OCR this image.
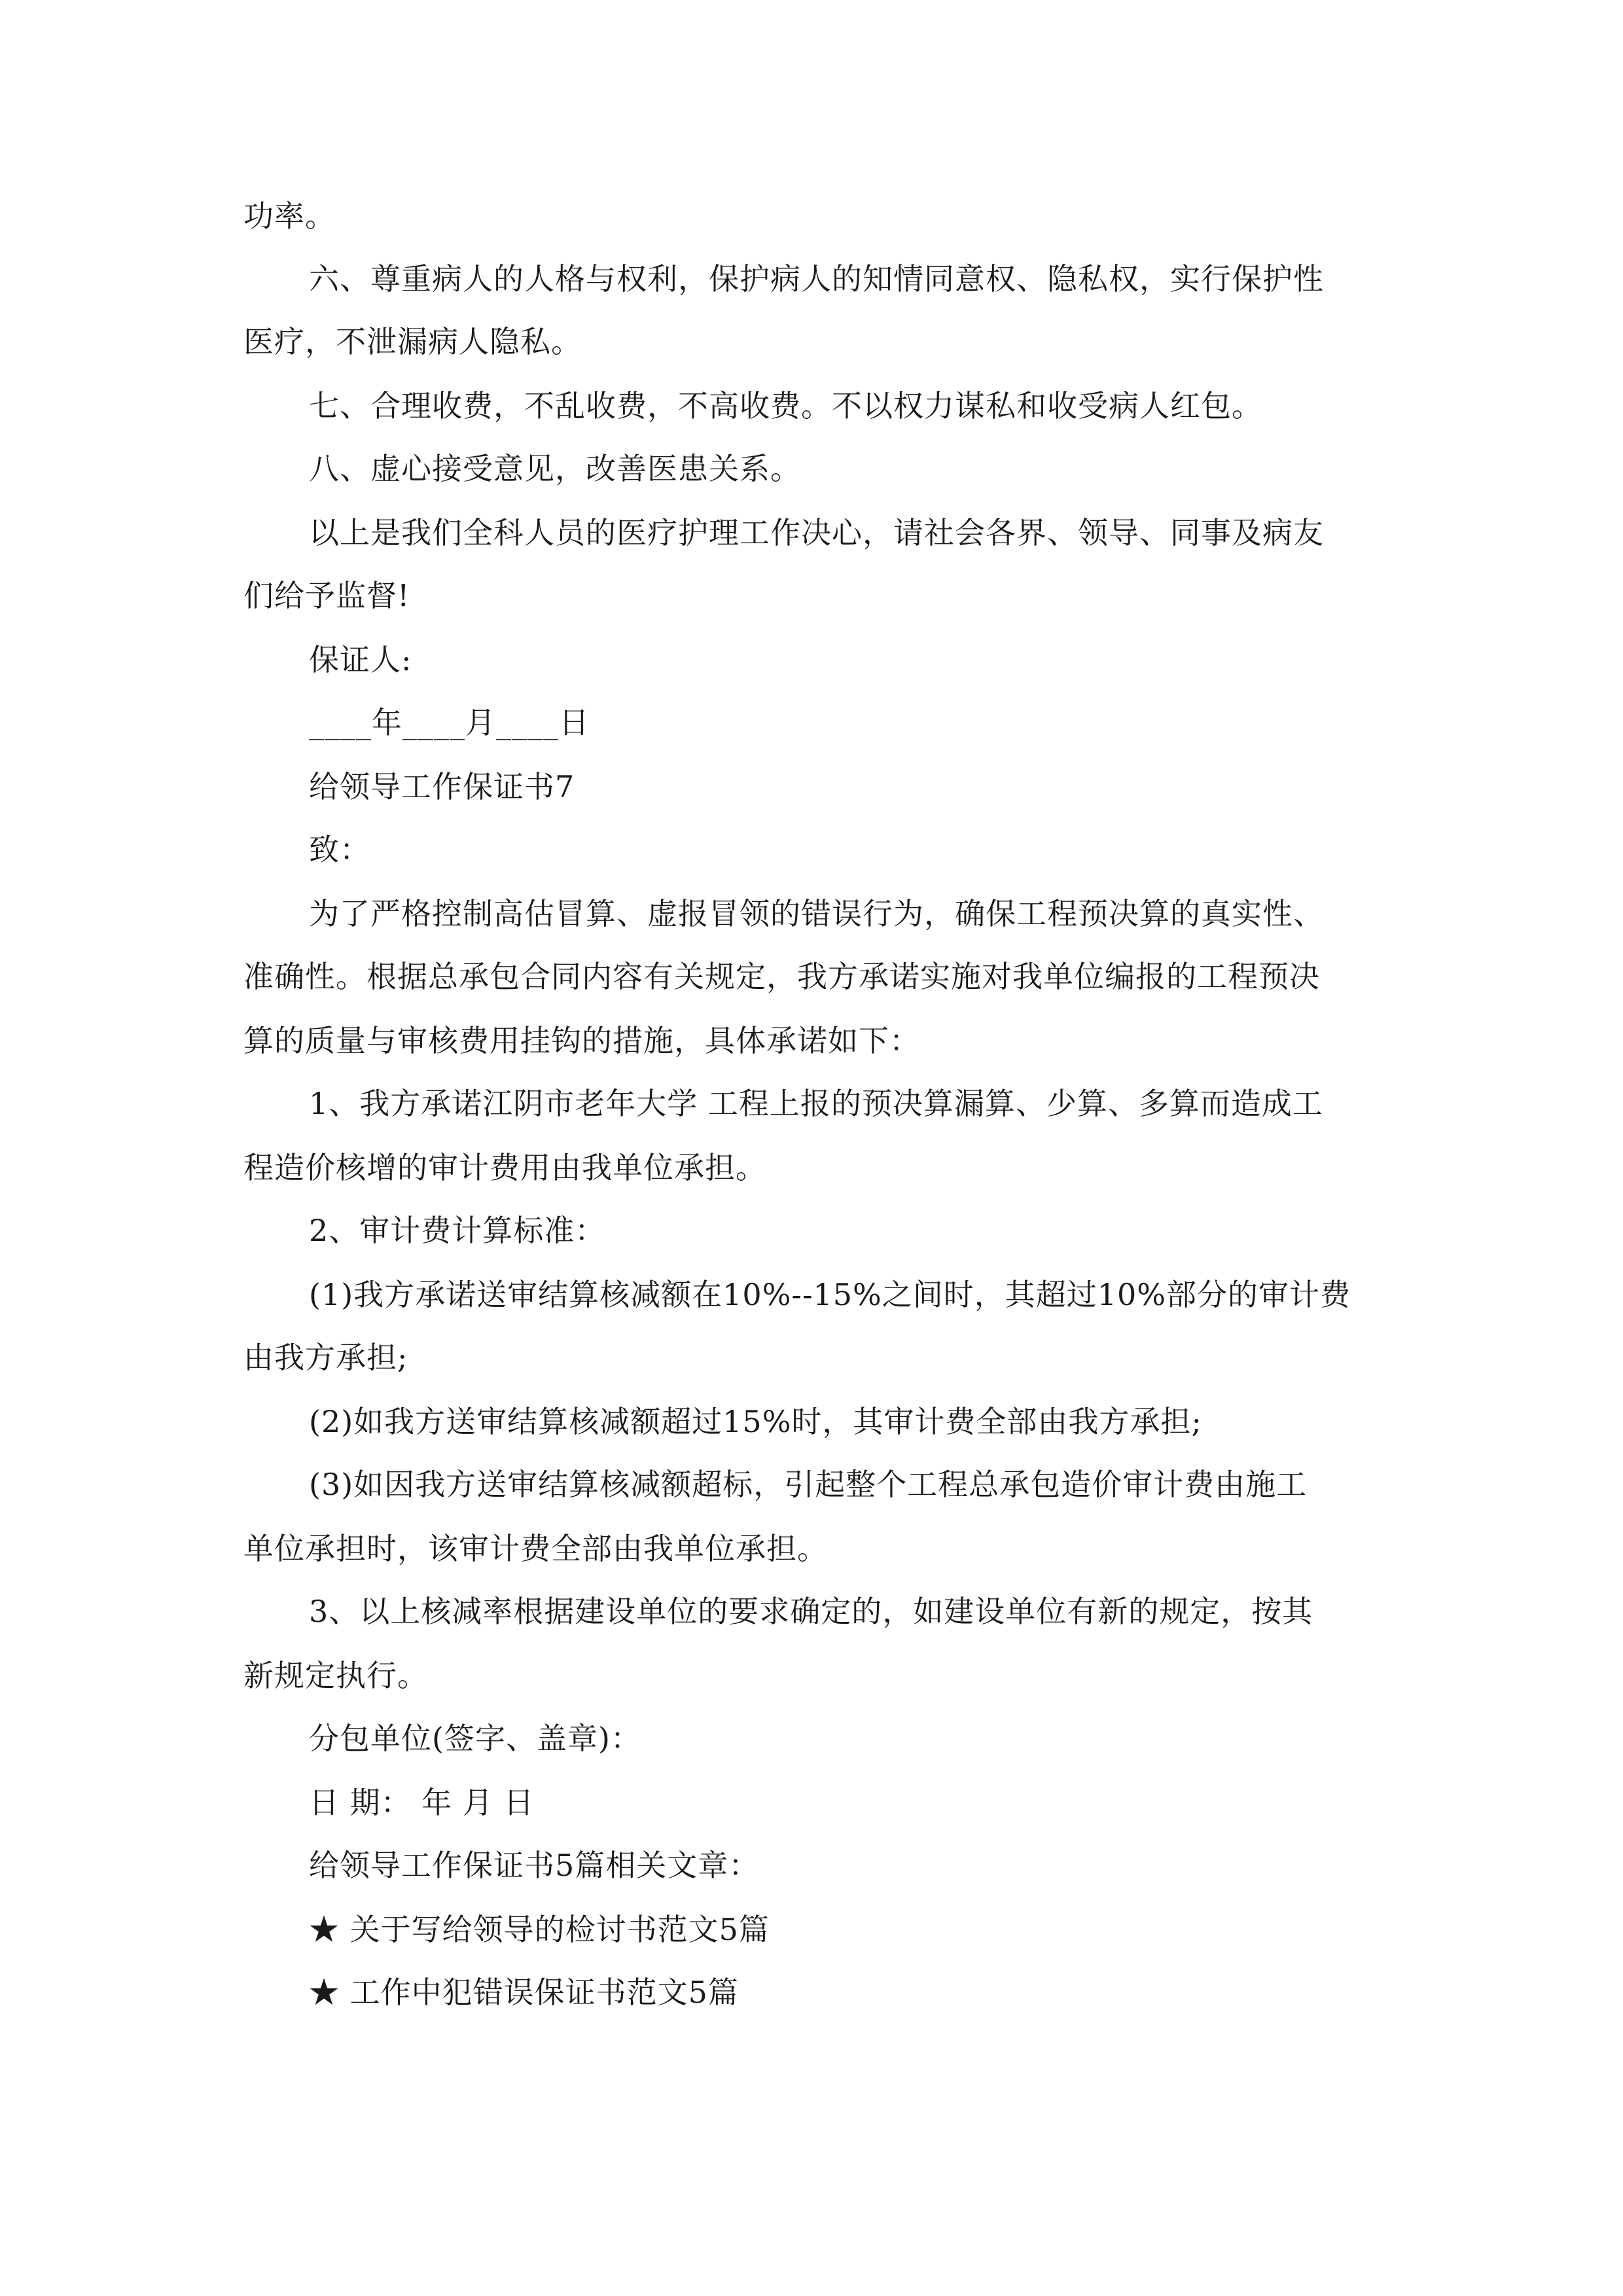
功率。
六、尊重病人的人格与权利，保护病人的知情同意权、隐私权，实行保护性
医疗，不泄漏病人隐私。
七、合理收费，不乱收费，不高收费。不以权力谋私和收受病人红包。
八、虚心接受意见，改善医患关系。
以上是我们全科人员的医疗护理工作决心，请社会各界、领导、同事及病友
们给予监督!
保证人:
____年____月____日
给领导工作保证书7
致：
为了严格控制高估冒算、虚报冒领的错误行为，确保工程预决算的真实性、
准确性。根据总承包合同内容有关规定，我方承诺实施对我单位编报的工程预决
算的质量与审核费用挂钩的措施，具体承诺如下：
1、我方承诺江阴市老年大学 工程上报的预决算漏算、少算、多算而造成工
程造价核增的审计费用由我单位承担。
2、审计费计算标准：
(1)我方承诺送审结算核减额在10%--15%之间时，其超过10%部分的审计费
由我方承担;
(2)如我方送审结算核减额超过15%时，其审计费全部由我方承担;
(3)如因我方送审结算核减额超标，引起整个工程总承包造价审计费由施工
单位承担时，该审计费全部由我单位承担。
3、以上核减率根据建设单位的要求确定的，如建设单位有新的规定，按其
新规定执行。
分包单位(签字、盖章)：
日 期： 年 月 日
给领导工作保证书5篇相关文章：
★ 关于写给领导的检讨书范文5篇
★ 工作中犯错误保证书范文5篇
